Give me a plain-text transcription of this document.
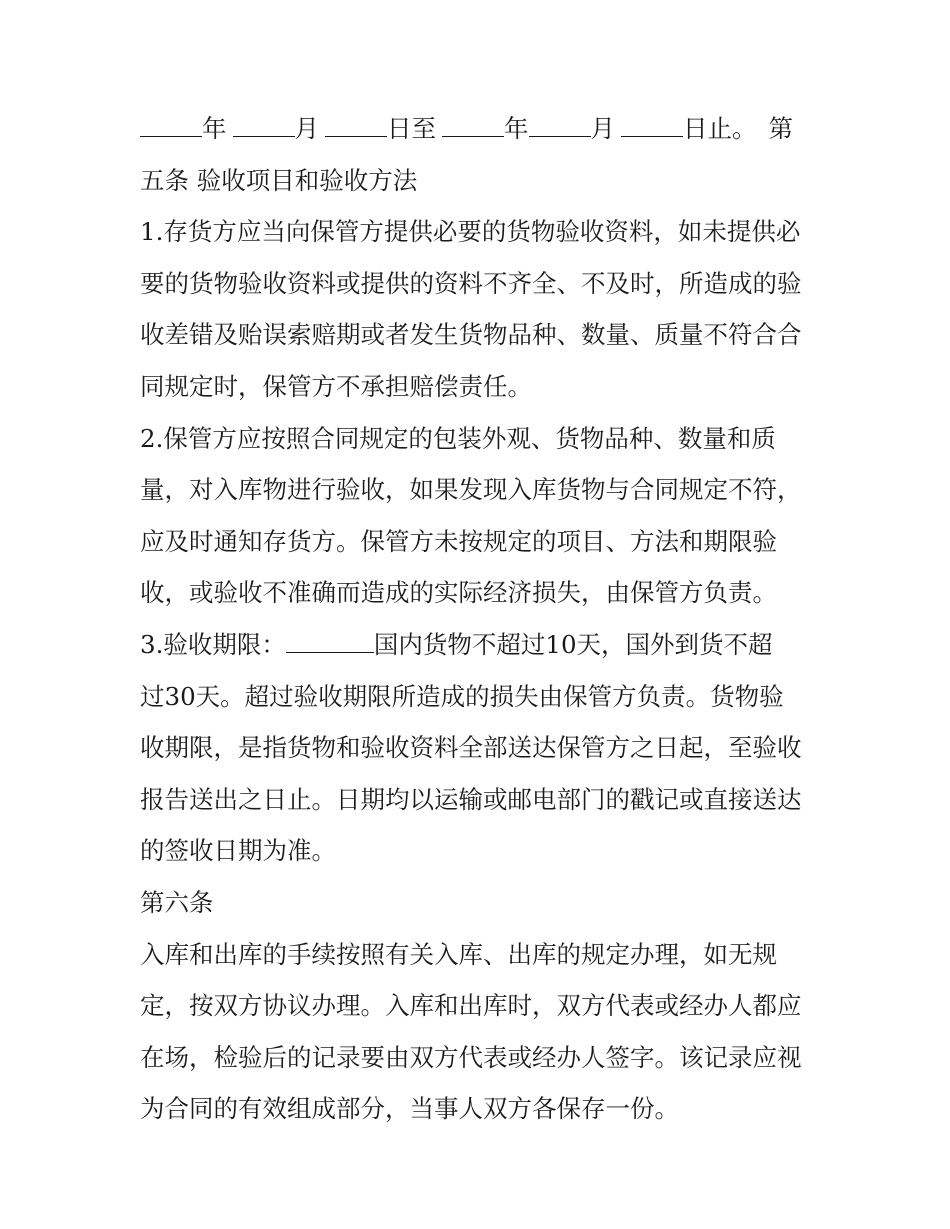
年	月	日至	年	月	日止。 第
五条 验收项目和验收方法
1.存货方应当向保管方提供必要的货物验收资料，如未提供必
要的货物验收资料或提供的资料不齐全、不及时，所造成的验
收差错及贻误索赔期或者发生货物品种、数量、质量不符合合
同规定时，保管方不承担赔偿责任。
2.保管方应按照合同规定的包装外观、货物品种、数量和质
量，对入库物进行验收，如果发现入库货物与合同规定不符，
应及时通知存货方。保管方未按规定的项目、方法和期限验
收，或验收不准确而造成的实际经济损失，由保管方负责。
3.验收期限：	国内货物不超过10天，国外到货不超
过30天。超过验收期限所造成的损失由保管方负责。货物验
收期限，是指货物和验收资料全部送达保管方之日起，至验收
报告送出之日止。日期均以运输或邮电部门的戳记或直接送达
的签收日期为准。
第六条
入库和出库的手续按照有关入库、出库的规定办理，如无规
定，按双方协议办理。入库和出库时，双方代表或经办人都应
在场，检验后的记录要由双方代表或经办人签字。该记录应视
为合同的有效组成部分，当事人双方各保存一份。
